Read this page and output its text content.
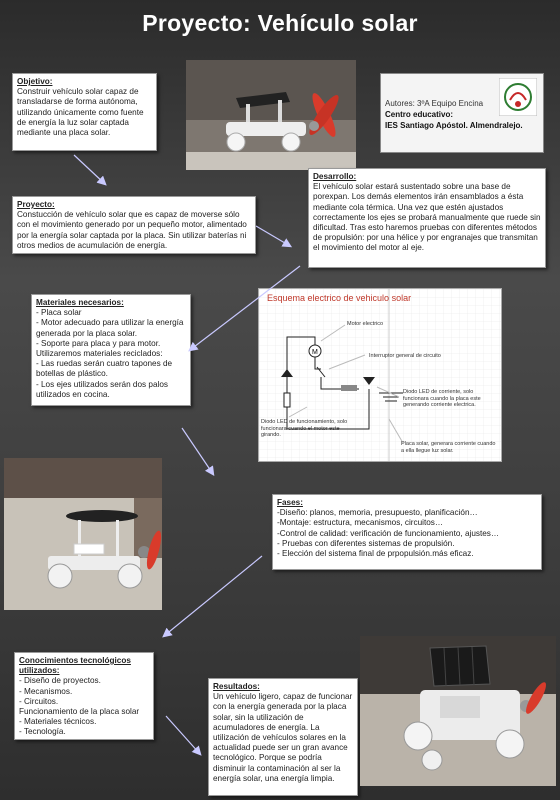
Proyecto: Vehículo solar
Objetivo:
Construir vehículo solar capaz de transladarse de forma autónoma, utilizando únicamente como fuente de energía la luz solar captada mediante una placa solar.
Autores: 3ºA Equipo Encina
Centro educativo:
IES Santiago Apóstol. Almendralejo.
Proyecto:
Constucción de vehículo solar que es capaz de moverse sólo con el movimiento generado por un pequeño motor, alimentado por la energía solar captada por la placa. Sin utilizar baterías ni otros medios de acumulación de energía.
Desarrollo:
El vehículo solar estará sustentado sobre una base de porexpan. Los demás elementos irán ensamblados a ésta mediante cola térmica. Una vez que estén ajustados correctamente los ejes se probará manualmente que ruede sin dificultad. Tras esto haremos pruebas con diferentes métodos de propulsión: por una hélice y por engranajes que transmitan el movimiento del motor al eje.
Materiales necesarios:
- Placa solar
- Motor adecuado para utilizar la energía generada por la placa solar.
- Soporte para placa y para motor.
Utilizaremos materiales reciclados:
- Las ruedas serán cuatro tapones de botellas de plástico.
- Los ejes utilizados serán dos palos utilizados en cocina.
M
Esquema electrico de vehiculo solar
Motor electrico
Interruptor general de circuito
Diodo LED de corriente, solo funcionara cuando la placa este generando corriente electrica.
Diodo LED de funcionamiento, solo funcionara cuando el motor este girando.
Placa solar, generara corriente cuando a ella llegue luz solar.
Fases:
-Diseño: planos, memoria, presupuesto, planificación…
-Montaje: estructura, mecanismos, circuitos…
-Control de calidad: verificación de funcionamiento, ajustes…
- Pruebas con diferentes sistemas de propulsión.
- Elección del sistema final de prpopulsión.más eficaz.
Conocimientos tecnológicos utilizados:
- Diseño de proyectos.
- Mecanismos.
- Circuitos.
Funcionamiento de la placa solar
- Materiales técnicos.
- Tecnología.
Resultados:
Un vehículo ligero, capaz de funcionar con la energía generada por la placa solar, sin la utilización de acumuladores de energía. La utilización de vehículos solares en la actualidad puede ser un gran avance tecnológico. Porque se podría disminuir la contaminación al ser la energía solar, una energía limpia.
